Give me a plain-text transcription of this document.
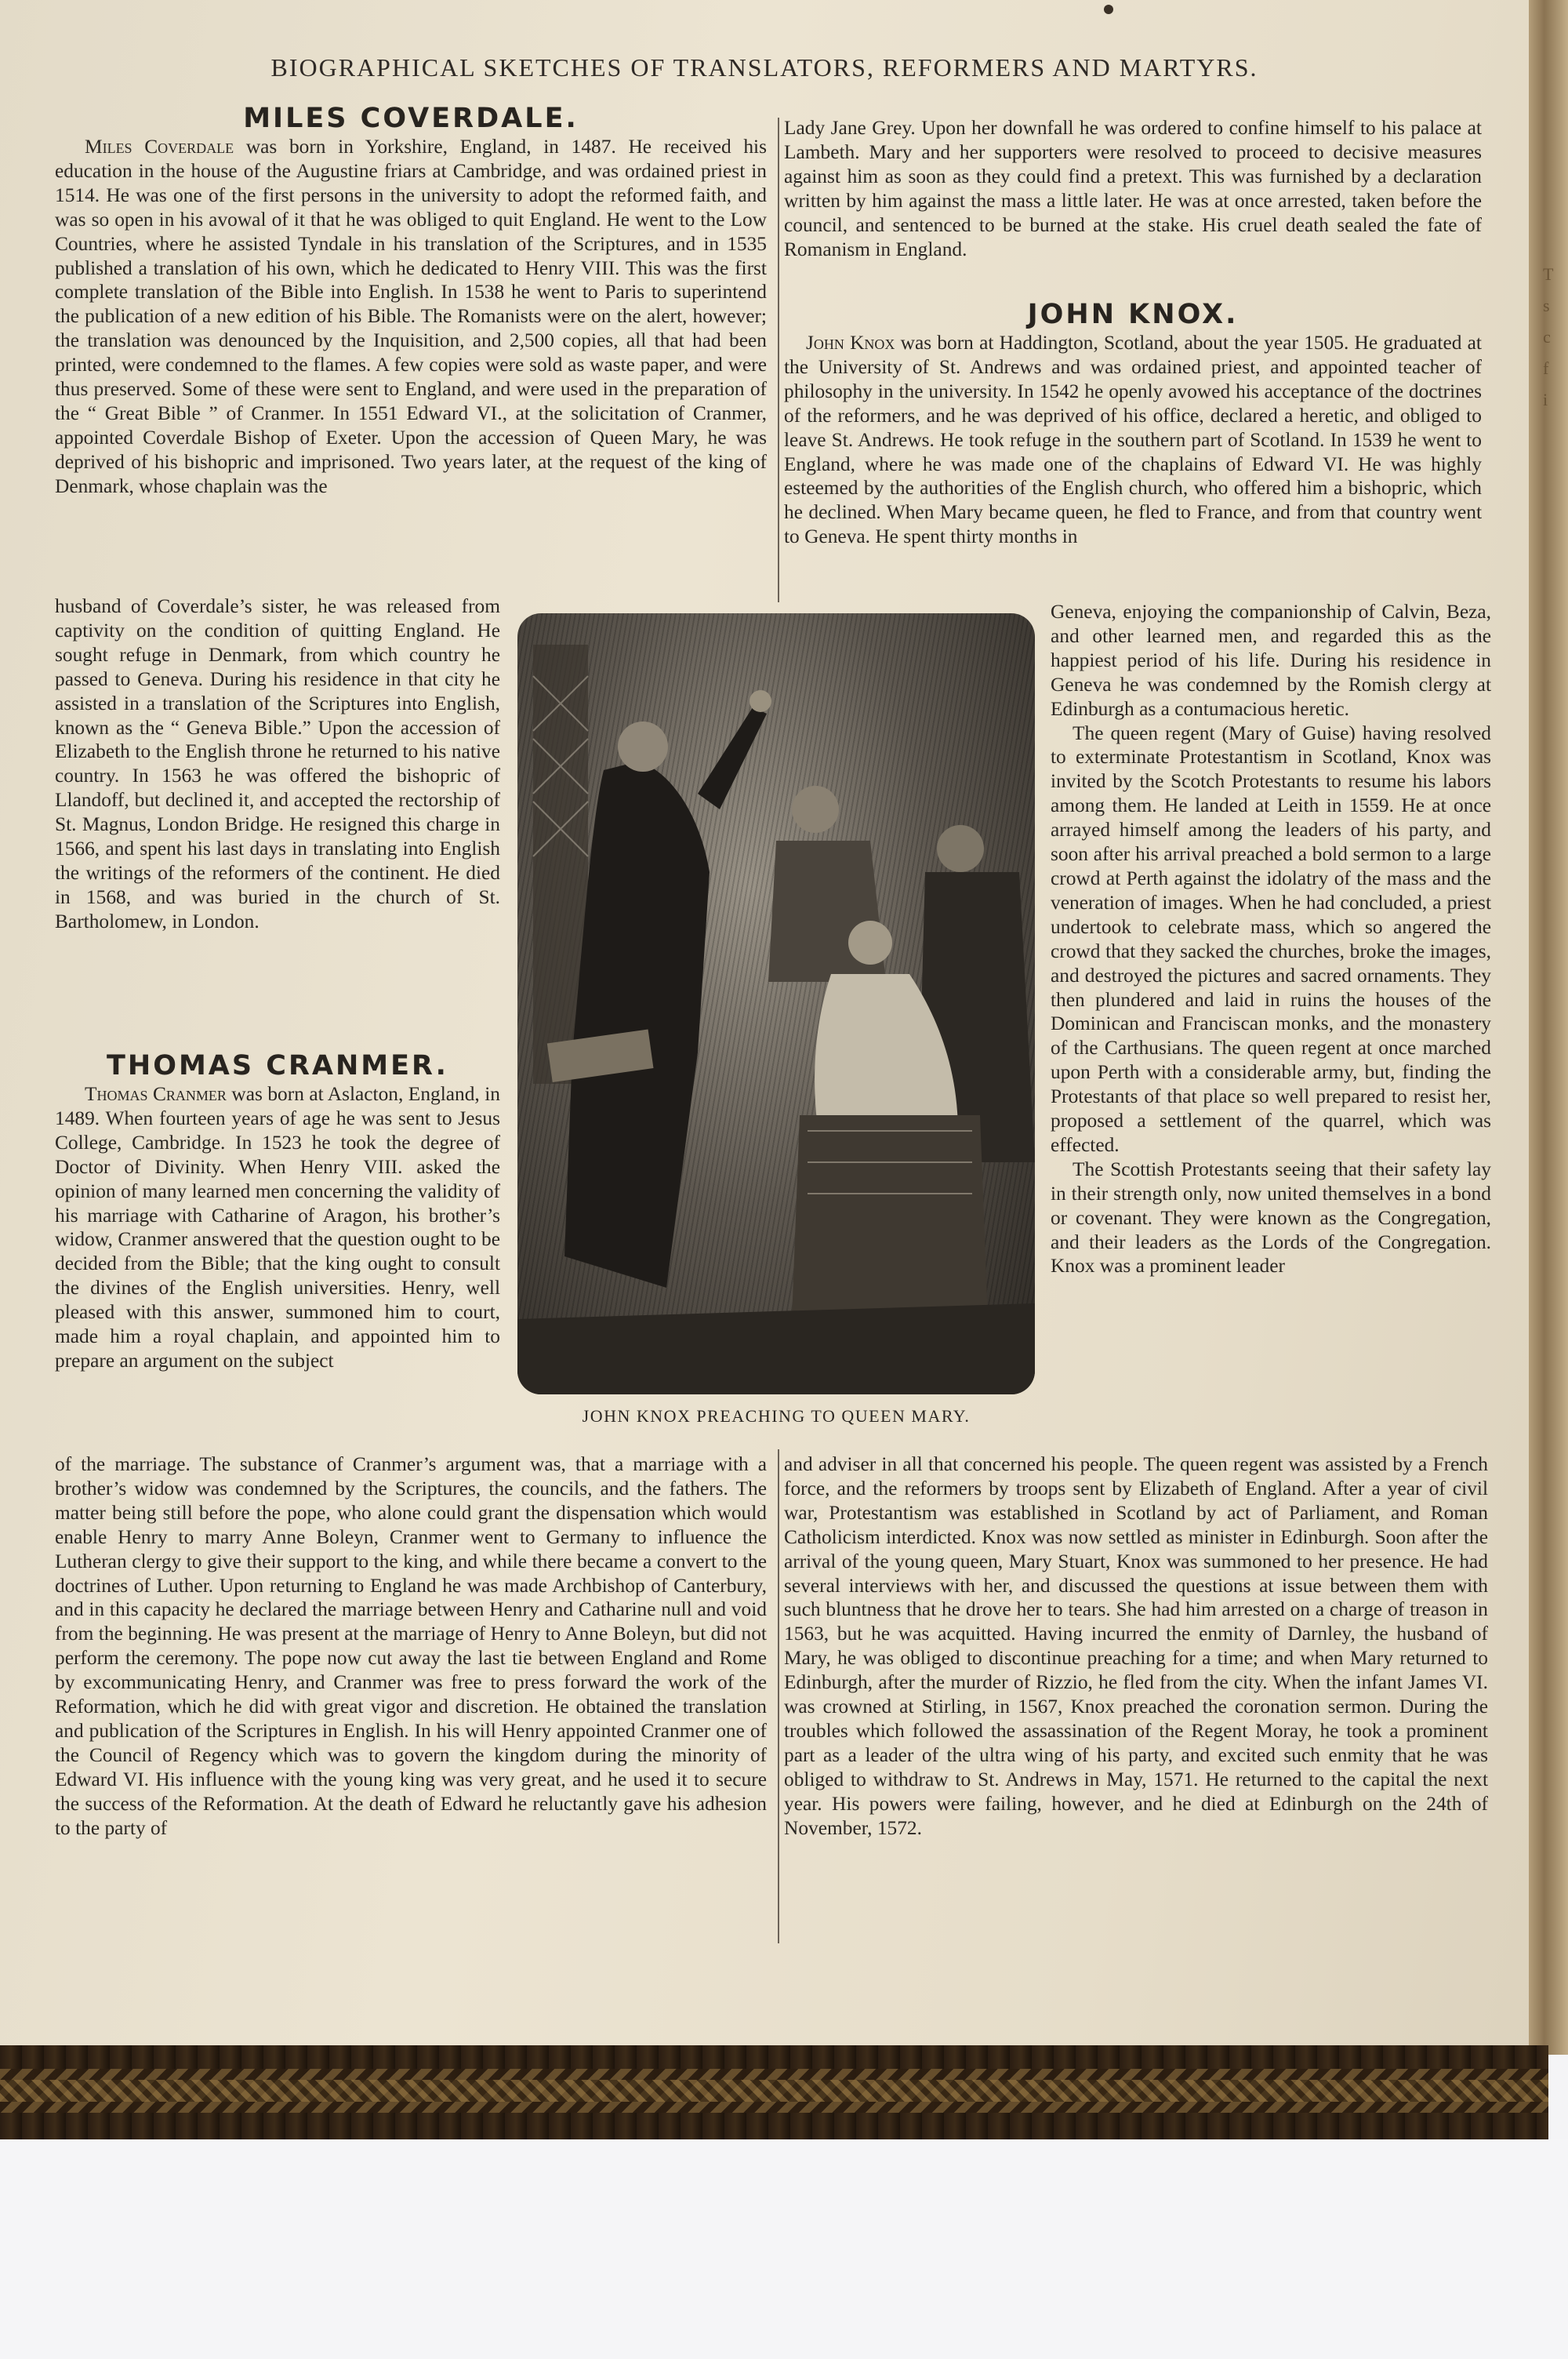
BIOGRAPHICAL SKETCHES OF TRANSLATORS, REFORMERS AND MARTYRS.
MILES COVERDALE.

Miles Coverdale was born in Yorkshire, England, in 1487. He received his education in the house of the Augustine friars at Cambridge, and was ordained priest in 1514. He was one of the first persons in the university to adopt the reformed faith, and was so open in his avowal of it that he was obliged to quit England. He went to the Low Countries, where he assisted Tyndale in his translation of the Scriptures, and in 1535 published a translation of his own, which he dedicated to Henry VIII. This was the first complete translation of the Bible into English. In 1538 he went to Paris to superintend the publication of a new edition of his Bible. The Romanists were on the alert, however; the translation was denounced by the Inquisition, and 2,500 copies, all that had been printed, were condemned to the flames. A few copies were sold as waste paper, and were thus preserved. Some of these were sent to England, and were used in the preparation of the “ Great Bible ” of Cranmer. In 1551 Edward VI., at the solicitation of Cranmer, appointed Coverdale Bishop of Exeter. Upon the accession of Queen Mary, he was deprived of his bishopric and imprisoned. Two years later, at the request of the king of Denmark, whose chaplain was the

husband of Coverdale’s sister, he was released from captivity on the condition of quitting England. He sought refuge in Denmark, from which country he passed to Geneva. During his residence in that city he assisted in a translation of the Scriptures into English, known as the “ Geneva Bible.” Upon the accession of Elizabeth to the English throne he returned to his native country. In 1563 he was offered the bishopric of Llandoff, but declined it, and accepted the rectorship of St. Magnus, London Bridge. He resigned this charge in 1566, and spent his last days in translating into English the writings of the reformers of the continent. He died in 1568, and was buried in the church of St. Bartholomew, in London.

THOMAS CRANMER.

Thomas Cranmer was born at Aslacton, England, in 1489. When fourteen years of age he was sent to Jesus College, Cambridge. In 1523 he took the degree of Doctor of Divinity. When Henry VIII. asked the opinion of many learned men concerning the validity of his marriage with Catharine of Aragon, his brother’s widow, Cranmer answered that the question ought to be decided from the Bible; that the king ought to consult the divines of the English universities. Henry, well pleased with this answer, summoned him to court, made him a royal chaplain, and appointed him to prepare an argument on the subject

of the marriage. The substance of Cranmer’s argument was, that a marriage with a brother’s widow was condemned by the Scriptures, the councils, and the fathers. The matter being still before the pope, who alone could grant the dispensation which would enable Henry to marry Anne Boleyn, Cranmer went to Germany to influence the Lutheran clergy to give their support to the king, and while there became a convert to the doctrines of Luther. Upon returning to England he was made Archbishop of Canterbury, and in this capacity he declared the marriage between Henry and Catharine null and void from the beginning. He was present at the marriage of Henry to Anne Boleyn, but did not perform the ceremony. The pope now cut away the last tie between England and Rome by excommunicating Henry, and Cranmer was free to press forward the work of the Reformation, which he did with great vigor and discretion. He obtained the translation and publication of the Scriptures in English. In his will Henry appointed Cranmer one of the Council of Regency which was to govern the kingdom during the minority of Edward VI. His influence with the young king was very great, and he used it to secure the success of the Reformation. At the death of Edward he reluctantly gave his adhesion to the party of

Lady Jane Grey. Upon her downfall he was ordered to confine himself to his palace at Lambeth. Mary and her supporters were resolved to proceed to decisive measures against him as soon as they could find a pretext. This was furnished by a declaration written by him against the mass a little later. He was at once arrested, taken before the council, and sentenced to be burned at the stake. His cruel death sealed the fate of Romanism in England.

JOHN KNOX.

John Knox was born at Haddington, Scotland, about the year 1505. He graduated at the University of St. Andrews and was ordained priest, and appointed teacher of philosophy in the university. In 1542 he openly avowed his acceptance of the doctrines of the reformers, and he was deprived of his office, declared a heretic, and obliged to leave St. Andrews. He took refuge in the southern part of Scotland. In 1539 he went to England, where he was made one of the chaplains of Edward VI. He was highly esteemed by the authorities of the English church, who offered him a bishopric, which he declined. When Mary became queen, he fled to France, and from that country went to Geneva. He spent thirty months in

Geneva, enjoying the companionship of Calvin, Beza, and other learned men, and regarded this as the happiest period of his life. During his residence in Geneva he was condemned by the Romish clergy at Edinburgh as a contumacious heretic.

The queen regent (Mary of Guise) having resolved to exterminate Protestantism in Scotland, Knox was invited by the Scotch Protestants to resume his labors among them. He landed at Leith in 1559. He at once arrayed himself among the leaders of his party, and soon after his arrival preached a bold sermon to a large crowd at Perth against the idolatry of the mass and the veneration of images. When he had concluded, a priest undertook to celebrate mass, which so angered the crowd that they sacked the churches, broke the images, and destroyed the pictures and sacred ornaments. They then plundered and laid in ruins the houses of the Dominican and Franciscan monks, and the monastery of the Carthusians. The queen regent at once marched upon Perth with a considerable army, but, finding the Protestants of that place so well prepared to resist her, proposed a settlement of the quarrel, which was effected.

The Scottish Protestants seeing that their safety lay in their strength only, now united themselves in a bond or covenant. They were known as the Congregation, and their leaders as the Lords of the Congregation. Knox was a prominent leader

and adviser in all that concerned his people. The queen regent was assisted by a French force, and the reformers by troops sent by Elizabeth of England. After a year of civil war, Protestantism was established in Scotland by act of Parliament, and Roman Catholicism interdicted. Knox was now settled as minister in Edinburgh. Soon after the arrival of the young queen, Mary Stuart, Knox was summoned to her presence. He had several interviews with her, and discussed the questions at issue between them with such bluntness that he drove her to tears. She had him arrested on a charge of treason in 1563, but he was acquitted. Having incurred the enmity of Darnley, the husband of Mary, he was obliged to discontinue preaching for a time; and when Mary returned to Edinburgh, after the murder of Rizzio, he fled from the city. When the infant James VI. was crowned at Stirling, in 1567, Knox preached the coronation sermon. During the troubles which followed the assassination of the Regent Moray, he took a prominent part as a leader of the ultra wing of his party, and excited such enmity that he was obliged to withdraw to St. Andrews in May, 1571. He returned to the capital the next year. His powers were failing, however, and he died at Edinburgh on the 24th of November, 1572.

JOHN KNOX PREACHING TO QUEEN MARY.
T
s
c
f
i
